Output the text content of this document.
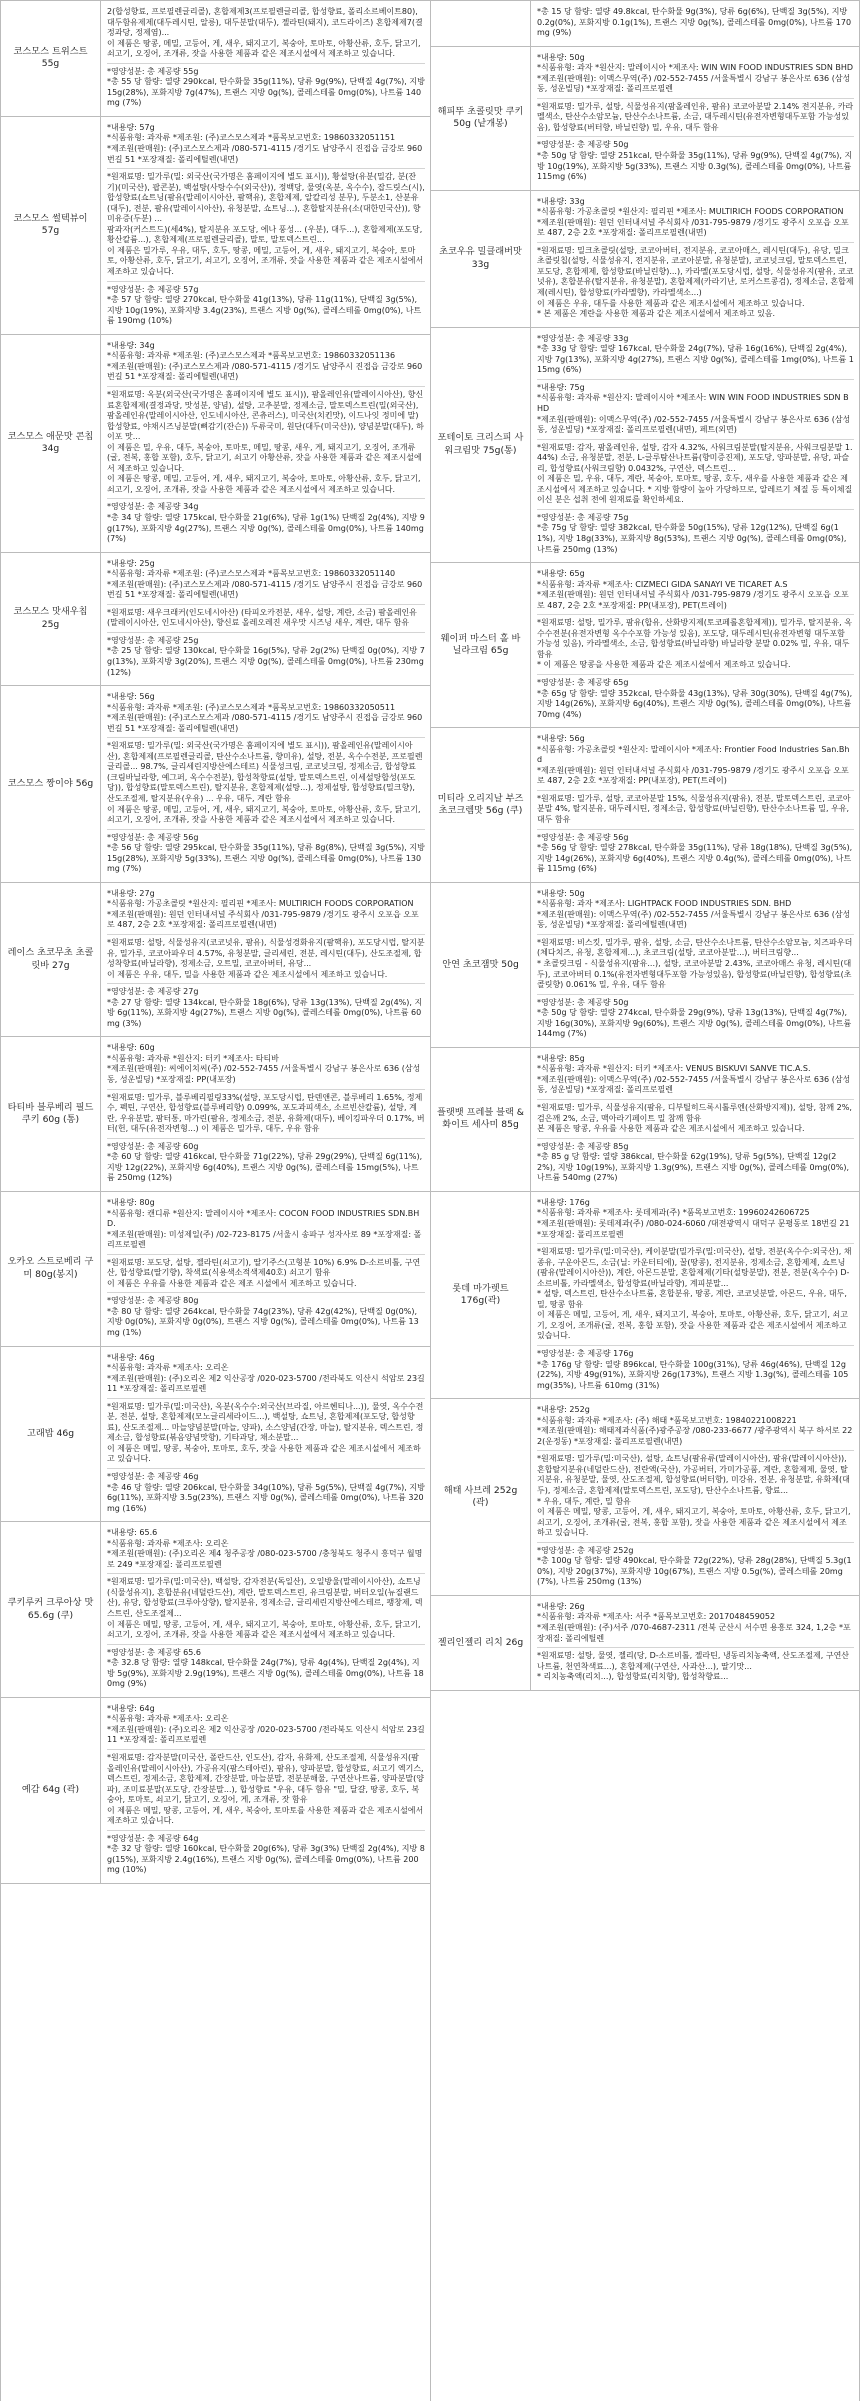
코스모스 트위스트 55g
2(합성향료, 프로필렌글리콜), 혼합제제3(프로필렌글리콜, 합성향료, 폴리소르베이트80), 대두함유제제(대두레시틴, 알릉), 대두분말(대두), 젤라틴(돼지), 코드라이즈) 혼합제제7(결정과당, 정제염)...
이 제품은 땅콩, 메밀, 고등어, 게, 새우, 돼지고기, 복숭아, 토마토, 아황산류, 호두, 닭고기, 쇠고기, 오징어, 조개류, 잣을 사용한 제품과 같은 제조시설에서 제조하고 있습니다.
*영양성분: 총 제공량 55g
*총 55 당 함량: 열량 290kcal, 탄수화물 35g(11%), 당류 9g(9%), 단백질 4g(7%), 지방 15g(28%), 포화지방 7g(47%), 트랜스 지방 0g(%), 콜레스테롤 0mg(0%), 나트륨 140mg (7%)
코스모스 썰텍뷰이 57g
*내용량: 57g
*식품유형: 과자류 *제조원: (주)코스모스제과 *품목보고번호: 19860332051151
*제조원(판매원): (주)코스모스제과 /080-571-4115 /경기도 남양주시 진접읍 금강로 960번길 51 *포장재질: 폴리에틸렌(내면)
*원재료명: 밀가루(밀: 외국산(국가명은 홈페이지에 별도 표시)), 황설탕(유분(밀감, 분(잔기)(미국산), 팝콘분), 백설탕(사탕수수(외국산)), 정백당, 물엿(옥분, 옥수수), 잡드릿스(시), 합성향료(쇼트닝(팜유(말레이시아산, 팜핵유), 혼합제제, 알칼리성 분무), 두분소1, 산분유(대두), 전분, 팜유(말레이시아산), 유청분말, 쇼트닝...), 혼합탈지분유(소(대한민국산)), 향미유증(두분) ...
팜과자(커스트드)(세4%), 탈지분유 포도당, 에나 풍성... (우분), 대두...), 혼합제제(포도당, 황산칼륨...), 혼합제제(프로필렌글리콜), 말토, 말토덱스트린...
이 제품은 밀가루, 우유, 대두, 호두, 땅콩, 메밀, 고등어, 게, 새우, 돼지고기, 복숭아, 토마토, 아황산류, 호두, 닭고기, 쇠고기, 오징어, 조개류, 잣을 사용한 제품과 같은 제조시설에서 제조하고 있습니다.
*영양성분: 총 제공량 57g
*총 57 당 함량: 열량 270kcal, 탄수화물 41g(13%), 당류 11g(11%), 단백질 3g(5%), 지방 10g(19%), 포화지방 3.4g(23%), 트랜스 지방 0g(%), 콜레스테롤 0mg(0%), 나트륨 190mg (10%)
코스모스 애문맛 콘칩 34g
*내용량: 34g
*식품유형: 과자류 *제조원: (주)코스모스제과 *품목보고번호: 19860332051136
*제조원(판매원): (주)코스모스제과 /080-571-4115 /경기도 남양주시 진접읍 금강로 960번길 51 *포장재질: 폴리에틸렌(내면)
*원재료명: 옥분(외국산(국가명은 홈페이지에 별도 표시)), 팜올레인유(말레이시아산), 향신료혼합제제(결정과당, 맛성분, 양념), 설탕, 고추분말, 정제소금, 말토덱스트린(밀(외국산), 팜올레인유(말레이시아산, 인도네시아산, 콘츄러스), 미국산(치킨맛), 이드나잇 정미에 말) 합성향료, 야채시즈닝분말(뼈감기(잔슨)) 두류국미, 원단(대두(미국산)), 양념분말(대두), 하이포 맛...
이 제품은 밀, 우유, 대두, 복숭아, 토마토, 메밀, 땅콩, 새우, 게, 돼지고기, 오징어, 조개류(굴, 전복, 홍합 포함), 호두, 닭고기, 쇠고기 아황산류, 잣을 사용한 제품과 같은 제조시설에서 제조하고 있습니다.
이 제품은 땅콩, 메밀, 고등어, 게, 새우, 돼지고기, 복숭아, 토마토, 아황산류, 호두, 닭고기, 쇠고기, 오징어, 조개류, 잣을 사용한 제품과 같은 제조시설에서 제조하고 있습니다.
*영양성분: 총 제공량 34g
*총 34 당 함량: 열량 175kcal, 탄수화물 21g(6%), 당류 1g(1%) 단백질 2g(4%), 지방 9g(17%), 포화지방 4g(27%), 트랜스 지방 0g(%), 콜레스테롤 0mg(0%), 나트륨 140mg (7%)
코스모스 맛새우칩 25g
*내용량: 25g
*식품유형: 과자류 *제조원: (주)코스모스제과 *품목보고번호: 19860332051140
*제조원(판매원): (주)코스모스제과 /080-571-4115 /경기도 남양주시 진접읍 금강로 960번길 51 *포장재질: 폴리에틸렌(내면)
*원재료명: 새우크래커(인도네시아산) (타피오카전분, 새우, 설탕, 계란, 소금) 팜올레인유(말레이시아산, 인도네시아산), 향신료 올레오레진 새우맛 시즈닝 새우, 계란, 대두 함유
*영양성분: 총 제공량 25g
*총 25 당 함량: 열량 130kcal, 탄수화물 16g(5%), 당류 2g(2%) 단백질 0g(0%), 지방 7g(13%), 포화지방 3g(20%), 트랜스 지방 0g(%), 콜레스테롤 0mg(0%), 나트륨 230mg (12%)
코스모스 짱이야 56g
*내용량: 56g
*식품유형: 과자류 *제조원: (주)코스모스제과 *품목보고번호: 19860332050511
*제조원(판매원): (주)코스모스제과 /080-571-4115 /경기도 남양주시 진접읍 금강로 960번길 51 *포장재질: 폴리에틸렌(내면)
*원재료명: 밀가루(밀: 외국산(국가명은 홈페이지에 별도 표시)), 팜올레인유(말레이시아산), 혼합제제(프로필렌글리콜, 탄산수소나트륨, 향미유), 설탕, 전분, 옥수수전분, 프로필렌글리콜... 98.7%, 글리세린지방산에스테르) 식물성크림, 코코넛크림, 정제소금, 합성향료(크림바닐라향, 예그퍼, 옥수수전분), 합성착향료(설탕, 말토덱스트린, 이세설탕합성(포도당)), 합성향료(말토덱스트린), 탈지분유, 혼합제제(설탕...), 정제설탕, 합성향료(밀크향), 산도조절제, 탈지분유(우유) ... 우유, 대두, 계란 함유
이 제품은 땅콩, 메밀, 고등어, 게, 새우, 돼지고기, 복숭아, 토마토, 아황산류, 호두, 닭고기, 쇠고기, 오징어, 조개류, 잣을 사용한 제품과 같은 제조시설에서 제조하고 있습니다.
*영양성분: 총 제공량 56g
*총 56 당 함량: 열량 295kcal, 탄수화물 35g(11%), 당류 8g(8%), 단백질 3g(5%), 지방 15g(28%), 포화지방 5g(33%), 트랜스 지방 0g(%), 콜레스테롤 0mg(0%), 나트륨 130mg (7%)
레이스 초코무초 초콜릿바 27g
*내용량: 27g
*식품유형: 가공초콜릿 *원산지: 필리핀 *제조사: MULTIRICH FOODS CORPORATION
*제조원(판매원): 원던 인터내셔널 주식회사 /031-795-9879 /경기도 광주시 오포읍 오포로 487, 2층 2호 *포장재질: 폴리프로필렌(내면)
*원재료명: 설탕, 식물성유지(코코넛유, 팜유), 식물성경화유지(팜핵유), 포도당시럽, 탈지분유, 밀가루, 코코아파우더 4.57%, 유청분말, 글리세린, 전분, 레시틴(대두), 산도조절제, 합성착향료(바닐라향), 정제소금, 오트밀, 코코아버터, 유당...
이 제품은 우유, 대두, 밀을 사용한 제품과 같은 제조시설에서 제조하고 있습니다.
*영양성분: 총 제공량 27g
*총 27 당 함량: 열량 134kcal, 탄수화물 18g(6%), 당류 13g(13%), 단백질 2g(4%), 지방 6g(11%), 포화지방 4g(27%), 트랜스 지방 0g(%), 콜레스테롤 0mg(0%), 나트륨 60mg (3%)
타티바 블루베리 필드 쿠키 60g (통)
*내용량: 60g
*식품유형: 과자류 *원산지: 터키 *제조사: 타티바
*제조원(판매원): 씨에이치씨(주) /02-552-7455 /서울특별시 강남구 봉은사로 636 (삼성동, 성운빌딩) *포장재질: PP(내포장)
*원재료명: 밀가루, 블루베리필링33%(설탕, 포도당시럽, 탄덴앤콘, 블루베리 1.65%, 정제수, 펙틴, 구연산, 합성향료(블루베리향) 0.099%, 포도과피색소, 소르빈산칼륨), 설탕, 계란, 우유분말, 팜터통, 마가린(팜유, 정제소금, 전분, 유화제(대두), 베이킹파우더 0.17%, 버터(헌, 대두(유전자변형...) 이 제품은 밀가루, 대두, 우유 함유
*영양성분: 총 제공량 60g
*총 60 당 함량: 열량 416kcal, 탄수화물 71g(22%), 당류 29g(29%), 단백질 6g(11%), 지방 12g(22%), 포화지방 6g(40%), 트랜스 지방 0g(%), 콜레스테롤 15mg(5%), 나트륨 250mg (12%)
오카오 스트로베리 구미 80g(봉지)
*내용량: 80g
*식품유형: 캔디류 *원산지: 말레이시아 *제조사: COCON FOOD INDUSTRIES SDN.BHD.
*제조원(판매원): 미성제일(주) /02-723-8175 /서울시 송파구 성자사로 89 *포장재질: 폴리프로필렌
*원재료명: 포도당, 설탕, 젤라틴(쇠고기), 딸기주스(고형분 10%) 6.9% D-소르비톨, 구연산, 합성향료(딸기향), 착색료(식용색소적색제40호) 쇠고기 함유
이 제품은 우유를 사용한 제품과 같은 제조 시설에서 제조하고 있습니다.
*영양성분: 총 제공량 80g
*총 80 당 함량: 열량 264kcal, 탄수화물 74g(23%), 당류 42g(42%), 단백질 0g(0%), 지방 0g(0%), 포화지방 0g(0%), 트랜스 지방 0g(%), 콜레스테롤 0mg(0%), 나트륨 13mg (1%)
고래밥 46g
*내용량: 46g
*식품유형: 과자류 *제조사: 오리온
*제조원(판매원): (주)오리온 제2 익산공장 /020-023-5700 /전라북도 익산시 석암로 23길 11 *포장재질: 폴리프로필렌
*원재료명: 밀가루(밀:미국산), 옥분(옥수수:외국산(브라질, 아르헨티나...)), 물엿, 옥수수전분, 전분, 설탕, 혼합제제(모노글리세라이드...), 백설탕, 쇼트닝, 혼합제제(포도당, 합성향료), 산도조절제... 마늘양념분말(마늘, 양파), 소스양념(간장, 마늘), 탈지분유, 덱스트린, 정제소금, 합성향료(볶음양념맛향), 기타과당, 채소분말...
이 제품은 메밀, 땅콩, 복숭아, 토마토, 호두, 잣을 사용한 제품과 같은 제조시설에서 제조하고 있습니다.
*영양성분: 총 제공량 46g
*총 46 당 함량: 열량 206kcal, 탄수화물 34g(10%), 당류 5g(5%), 단백질 4g(7%), 지방 6g(11%), 포화지방 3.5g(23%), 트랜스 지방 0g(%), 콜레스테롤 0mg(0%), 나트륨 320mg (16%)
쿠키루커 크루아상 맛 65.6g (쿠)
*내용량: 65.6
*식품유형: 과자류 *제조사: 오리온
*제조원(판매원): (주)오리온 제4 청주공장 /080-023-5700 /충청북도 청주시 흥덕구 월명로 249 *포장재질: 폴리프로필렌
*원재료명: 밀가루(밀:미국산), 백설탕, 감자전분(독일산), 오일방울(말레이시아산), 쇼트닝(식물성유지), 혼합분유(네덜란드산), 계란, 말토덱스트린, 유크림분말, 버터오일(뉴질랜드산), 유당, 합성향료(크루아상향), 탈지분유, 정제소금, 글리세린지방산에스테르, 팽창제, 덱스트린, 산도조절제...
이 제품은 메밀, 땅콩, 고등어, 게, 새우, 돼지고기, 복숭아, 토마토, 아황산류, 호두, 닭고기, 쇠고기, 오징어, 조개류, 잣을 사용한 제품과 같은 제조시설에서 제조하고 있습니다.
*영양성분: 총 제공량 65.6
*총 32.8 당 함량: 열량 148kcal, 탄수화물 24g(7%), 당류 4g(4%), 단백질 2g(4%), 지방 5g(9%), 포화지방 2.9g(19%), 트랜스 지방 0g(%), 콜레스테롤 0mg(0%), 나트륨 180mg (9%)
예감 64g (곽)
*내용량: 64g
*식품유형: 과자류 *제조사: 오리온
*제조원(판매원): (주)오리온 제2 익산공장 /020-023-5700 /전라북도 익산시 석암로 23길 11 *포장재질: 폴리프로필렌
*원재료명: 감자분말(미국산, 폴란드산, 인도산), 감자, 유화제, 산도조절제, 식물성유지(팜올레인유(말레이시아산), 가공유지(팜스테아린), 팜유), 양파분말, 합성향료, 쇠고기 엑기스, 덱스트린, 정제소금, 혼합제제, 간장분말, 마늘분말, 전분분해물, 구연산나트륨, 양파분말(양파), 조미료분말(포도당, 간장분말...), 합성향료 "우유, 대두 함유 "밀, 달걀, 땅콩, 호두, 복숭아, 토마토, 쇠고기, 닭고기, 오징어, 게, 조개류, 잣 함유
이 제품은 메밀, 땅콩, 고등어, 게, 새우, 복숭아, 토마토를 사용한 제품과 같은 제조시설에서 제조하고 있습니다.
*영양성분: 총 제공량 64g
*총 32 당 함량: 열량 160kcal, 탄수화물 20g(6%), 당류 3g(3%) 단백질 2g(4%), 지방 8g(15%), 포화지방 2.4g(16%), 트랜스 지방 0g(%), 콜레스테롤 0mg(0%), 나트륨 200mg (10%)
*총 15 당 함량: 열량 49.8kcal, 탄수화물 9g(3%), 당류 6g(6%), 단백질 3g(5%), 지방 0.2g(0%), 포화지방 0.1g(1%), 트랜스 지방 0g(%), 콜레스테롤 0mg(0%), 나트륨 170mg (9%)
해피뚜 초콜릿맛 쿠키 50g (낱개봉)
*내용량: 50g
*식품유형: 과자 *원산지: 말레이시아 *제조사: WIN WIN FOOD INDUSTRIES SDN BHD
*제조원(판매원): 이맥스무역(주) /02-552-7455 /서울특별시 강남구 봉은사로 636 (삼성동, 성운빌딩) *포장재질: 폴리프로필렌
*원재료명: 밀가루, 설탕, 식물성유지(팜올레인유, 팜유) 코코아분말 2.14% 전지분유, 카라멜색소, 탄산수소암모늄, 탄산수소나트륨, 소금, 대두레시틴(유전자변형대두포함 가능성있음), 합성향료(버터향, 바닐린향) 밀, 우유, 대두 함유
*영양성분: 총 제공량 50g
*총 50g 당 함량: 열량 251kcal, 탄수화물 35g(11%), 당류 9g(9%), 단백질 4g(7%), 지방 10g(19%), 포화지방 5g(33%), 트랜스 지방 0.3g(%), 콜레스테롤 0mg(0%), 나트륨 115mg (6%)
초코우유 밀클래버맛 33g
*내용량: 33g
*식품유형: 가공초콜릿 *원산지: 필리핀 *제조사: MULTIRICH FOODS CORPORATION
*제조원(판매원): 원던 인터내셔널 주식회사 /031-795-9879 /경기도 광주시 오포읍 오포로 487, 2층 2호 *포장재질: 폴리프로필렌(내면)
*원재료명: 밀크초콜릿(설탕, 코코아버터, 전지분유, 코코아매스, 레시틴(대두), 유당, 밀크초콜릿칩(설탕, 식물성유지, 전지분유, 코코아분말, 유청분말), 코코넛크림, 말토덱스트린, 포도당, 혼합제제, 합성향료(바닐린향)...), 카라멜(포도당시럽, 설탕, 식물성유지(팜유, 코코넛유), 혼합분유(탈지분유, 유청분말), 혼합제제(카라기난, 로커스트콩검), 정제소금, 혼합제제(레시틴), 합성향료(카라멜향), 카라멜색소...)
이 제품은 우유, 대두를 사용한 제품과 같은 제조시설에서 제조하고 있습니다.
* 본 제품은 계란을 사용한 제품과 같은 제조시설에서 제조하고 있음.
포테이토 크리스피 사워크림맛 75g(통)
*영양성분: 총 제공량 33g
*총 33g 당 함량: 열량 167kcal, 탄수화물 24g(7%), 당류 16g(16%), 단백질 2g(4%), 지방 7g(13%), 포화지방 4g(27%), 트랜스 지방 0g(%), 콜레스테롤 1mg(0%), 나트륨 115mg (6%)
*내용량: 75g
*식품유형: 과자류 *원산지: 말레이시아 *제조사: WIN WIN FOOD INDUSTRIES SDN BHD
*제조원(판매원): 이맥스무역(주) /02-552-7455 /서울특별시 강남구 봉은사로 636 (삼성동, 성운빌딩) *포장재질: 폴리프로필렌(내면), 페트(외면)
*원재료명: 감자, 팜올레인유, 설탕, 감자 4.32%, 사워크림분말(탈지분유, 사워크림분말 1.44%) 소금, 유청분말, 전분, L-글루탐산나트륨(향미증진제), 포도당, 양파분말, 유당, 파슬리, 합성향료(사워크림향) 0.0432%, 구연산, 덱스트린...
이 제품은 밀, 우유, 대두, 계란, 복숭아, 토마토, 땅콩, 호두, 새우를 사용한 제품과 같은 제조시설에서 제조하고 있습니다. * 지방 함량이 높아 가당하므로, 알레르기 체질 등 특이체질이신 분은 섭취 전에 원재료를 확인하세요.
*영양성분: 총 제공량 75g
*총 75g 당 함량: 열량 382kcal, 탄수화물 50g(15%), 당류 12g(12%), 단백질 6g(11%), 지방 18g(33%), 포화지방 8g(53%), 트랜스 지방 0g(%), 콜레스테롤 0mg(0%), 나트륨 250mg (13%)
웨이퍼 마스터 홀 바닐라크림 65g
*내용량: 65g
*식품유형: 과자류 *제조사: CIZMECI GIDA SANAYI VE TICARET A.S
*제조원(판매원): 원던 인터내셔널 주식회사 /031-795-9879 /경기도 광주시 오포읍 오포로 487, 2층 2호 *포장재질: PP(내포장), PET(트레이)
*원재료명: 설탕, 밀가루, 팜유(합유, 산화방지제(토코페롤혼합제제)), 밀가루, 탈지분유, 옥수수전분(유전자변형 옥수수포함 가능성 있음), 포도당, 대두레시틴(유전자변형 대두포함 가능성 있음), 카라멜색소, 소금, 합성향료(바닐라향) 바닐라향 분말 0.02% 밀, 우유, 대두 함유
* 이 제품은 땅콩을 사용한 제품과 같은 제조시설에서 제조하고 있습니다.
*영양성분: 총 제공량 65g
*총 65g 당 함량: 열량 352kcal, 탄수화물 43g(13%), 당류 30g(30%), 단백질 4g(7%), 지방 14g(26%), 포화지방 6g(40%), 트랜스 지방 0g(%), 콜레스테롤 0mg(0%), 나트륨 70mg (4%)
미티라 오리지날 부즈 초코크렘맛 56g (쿠)
*내용량: 56g
*식품유형: 가공초콜릿 *원산지: 말레이시아 *제조사: Frontier Food Industries San.Bhd
*제조원(판매원): 원던 인터내셔널 주식회사 /031-795-9879 /경기도 광주시 오포읍 오포로 487, 2층 2호 *포장재질: PP(내포장), PET(트레이)
*원재료명: 밀가루, 설탕, 코코아분말 15%, 식물성유지(팜유), 전분, 말토덱스트린, 코코아분말 4%, 탈지분유, 대두레시틴, 정제소금, 합성향료(바닐린향), 탄산수소나트륨 밀, 우유, 대두 함유
*영양성분: 총 제공량 56g
*총 56g 당 함량: 열량 278kcal, 탄수화물 35g(11%), 당류 18g(18%), 단백질 3g(5%), 지방 14g(26%), 포화지방 6g(40%), 트랜스 지방 0.4g(%), 콜레스테롤 0mg(0%), 나트륨 115mg (6%)
안연 초코잼맛 50g
*내용량: 50g
*식품유형: 과자 *제조사: LIGHTPACK FOOD INDUSTRIES SDN. BHD
*제조원(판매원): 이맥스무역(주) /02-552-7455 /서울특별시 강남구 봉은사로 636 (삼성동, 성운빌딩) *포장재질: 폴리에틸렌(내면)
*원재료명: 비스킷, 밀가루, 팜유, 설탕, 소금, 탄산수소나트륨, 탄산수소암모늄, 치즈파우더(체다치즈, 유청, 혼합제제...), 초코크림(설탕, 코코아분말...), 버터크림향...
* 초콜릿크림 - 식물성유지(팜유...), 설탕, 코코아분말 2.43%, 코코아매스 유청, 레시틴(대두), 코코아버터 0.1%(유전자변형대두포함 가능성있음), 합성향료(바닐린향), 합성향료(초콜릿향) 0.061% 밀, 우유, 대두 함유
*영양성분: 총 제공량 50g
*총 50g 당 함량: 열량 274kcal, 탄수화물 29g(9%), 당류 13g(13%), 단백질 4g(7%), 지방 16g(30%), 포화지방 9g(60%), 트랜스 지방 0g(%), 콜레스테롤 0mg(0%), 나트륨 144mg (7%)
플랫뱃 프레블 블랙 & 화이트 세사미 85g
*내용량: 85g
*식품유형: 과자류 *원산지: 터키 *제조사: VENUS BISKUVI SANVE TIC.A.S.
*제조원(판매원): 이맥스무역(주) /02-552-7455 /서울특별시 강남구 봉은사로 636 (삼성동, 성운빌딩) *포장재질: 폴리프로필렌
*원재료명: 밀가루, 식물성유지(팜유, 디부틸히드록시톨루엔(산화방지제)), 설탕, 참깨 2%, 검은깨 2%, 소금, 맥아라기페이트 밀 참깨 함유
본 제품은 땅콩, 우유를 사용한 제품과 같은 제조시설에서 제조하고 있습니다.
*영양성분: 총 제공량 85g
*총 85 g 당 함량: 열량 386kcal, 탄수화물 62g(19%), 당류 5g(5%), 단백질 12g(22%), 지방 10g(19%), 포화지방 1.3g(9%), 트랜스 지방 0g(%), 콜레스테롤 0mg(0%), 나트륨 540mg (27%)
롯데 마가렛트 176g(곽)
*내용량: 176g
*식품유형: 과자류 *제조사: 롯데제과(주) *품목보고번호: 19960242606725
*제조원(판매원): 롯데제과(주) /080-024-6060 /대전광역시 대덕구 문평동로 18번길 21 *포장재질: 폴리프로필렌
*원재료명: 밀가루(밀:미국산), 케이분말(밀가루(밀:미국산), 설탕, 전분(옥수수:외국산), 채종유, 구운아몬드, 소금(닐: 카운터티에), 꿀(땅콩), 전지분유, 정제소금, 혼합제제, 쇼트닝(팜유(말레이시아산)), 계란, 아몬드분말, 혼합제제(기타(설탕분말), 전분, 전분(옥수수) D-소르비톨, 카라멜색소, 합성향료(바닐라향), 계피분말...
* 설탕, 덱스트린, 탄산수소나트륨, 혼합분유, 땅콩, 계란, 코코넛분말, 아몬드, 우유, 대두, 밀, 땅콩 함유
이 제품은 메밀, 고등어, 게, 새우, 돼지고기, 복숭아, 토마토, 아황산류, 호두, 닭고기, 쇠고기, 오징어, 조개류(굴, 전복, 홍합 포함), 잣을 사용한 제품과 같은 제조시설에서 제조하고 있습니다.
*영양성분: 총 제공량 176g
*총 176g 당 함량: 열량 896kcal, 탄수화물 100g(31%), 당류 46g(46%), 단백질 12g(22%), 지방 49g(91%), 포화지방 26g(173%), 트랜스 지방 1.3g(%), 콜레스테롤 105mg(35%), 나트륨 610mg (31%)
해태 사브레 252g (곽)
*내용량: 252g
*식품유형: 과자류 *제조사: (주) 해태 *품목보고번호: 19840221008221
*제조원(판매원): 해태제과식품(주)광주공장 /080-233-6677 /광주광역시 북구 하서로 222(운정동) *포장재질: 폴리프로필렌(내면)
*원재료명: 밀가루(밀:미국산), 설탕, 쇼트닝(팜유류(말레이시아산), 팜유(말레이시아산)), 혼합탈지분유(네덜란드산), 전란액(국산), 가공버터, 가미가공품, 계란, 혼합제제, 물엿, 탈지분유, 유청분말, 물엿, 산도조절제, 합성향료(버터향), 미강유, 전분, 유청분말, 유화제(대두), 정제소금, 혼합제제(말토덱스트린, 포도당), 탄산수소나트륨, 향료...
* 우유, 대두, 계란, 밀 함유
이 제품은 메밀, 땅콩, 고등어, 게, 새우, 돼지고기, 복숭아, 토마토, 아황산류, 호두, 닭고기, 쇠고기, 오징어, 조개류(굴, 전복, 홍합 포함), 잣을 사용한 제품과 같은 제조시설에서 제조하고 있습니다.
*영양성분: 총 제공량 252g
*총 100g 당 함량: 열량 490kcal, 탄수화물 72g(22%), 당류 28g(28%), 단백질 5.3g(10%), 지방 20g(37%), 포화지방 10g(67%), 트랜스 지방 0.5g(%), 콜레스테롤 20mg(7%), 나트륨 250mg (13%)
젤리인젤리 리치 26g
*내용량: 26g
*식품유형: 과자류 *제조사: 서주 *품목보고번호: 2017048459052
*제조원(판매원): (주)서주 /070-4687-2311 /전북 군산시 서수면 용흥로 324, 1,2층 *포장재질: 폴리에틸렌
*원재료명: 설탕, 물엿, 젤리(당, D-소르비톨, 젤라틴, 냉동리치농축액, 산도조절제, 구연산나트륨, 천연착색료...), 혼합제제(구연산, 사과산...), 딸기맛...
* 리치농축액(리치...), 합성향료(리치향), 합성착향료...
